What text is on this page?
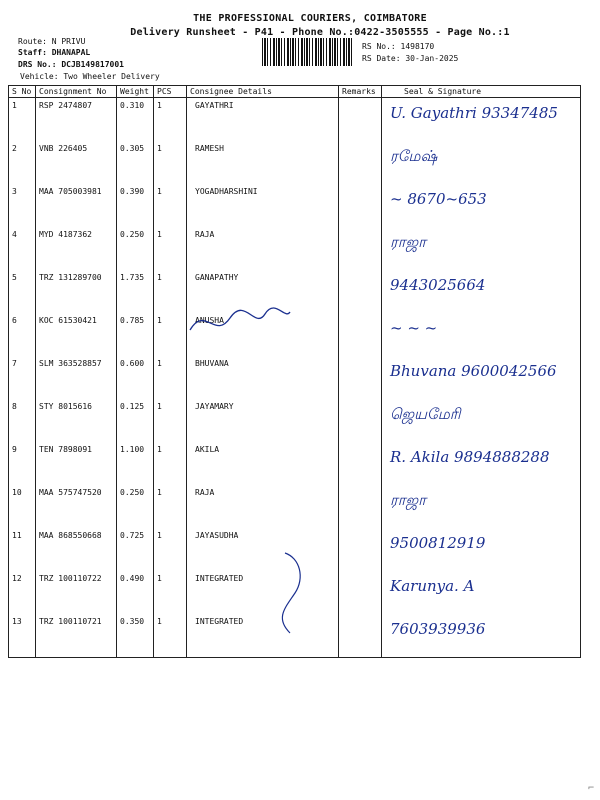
THE PROFESSIONAL COURIERS, COIMBATORE
Delivery Runsheet - P41 - Phone No.:0422-3505555 - Page No.:1
Route: N PRIVU
Staff: DHANAPAL
DRS No.: DCJB149817001
Vehicle: Two Wheeler Delivery
RS No.: 1498170
RS Date: 30-Jan-2025
S No	Consignment No	Weight	PCS	Consignee Details	Remarks	Seal & Signature
1	RSP 2474807	0.310	1	GAYATHRI		U. Gayathri 93347485

2	VNB 226405	0.305	1	RAMESH		ரமேஷ்

3	MAA 705003981	0.390	1	YOGADHARSHINI		~ 8670~653

4	MYD 4187362	0.250	1	RAJA		ராஜா

5	TRZ 131289700	1.735	1	GANAPATHY		9443025664

6	KOC 61530421	0.785	1	ANUSHA		~ ~ ~

7	SLM 363528857	0.600	1	BHUVANA		Bhuvana 9600042566

8	STY 8015616	0.125	1	JAYAMARY		ஜெயமேரி

9	TEN 7898091	1.100	1	AKILA		R. Akila 9894888288

10	MAA 575747520	0.250	1	RAJA		ராஜா

11	MAA 868550668	0.725	1	JAYASUDHA		9500812919

12	TRZ 100110722	0.490	1	INTEGRATED		Karunya. A

13	TRZ 100110721	0.350	1	INTEGRATED		7603939936
⌐
